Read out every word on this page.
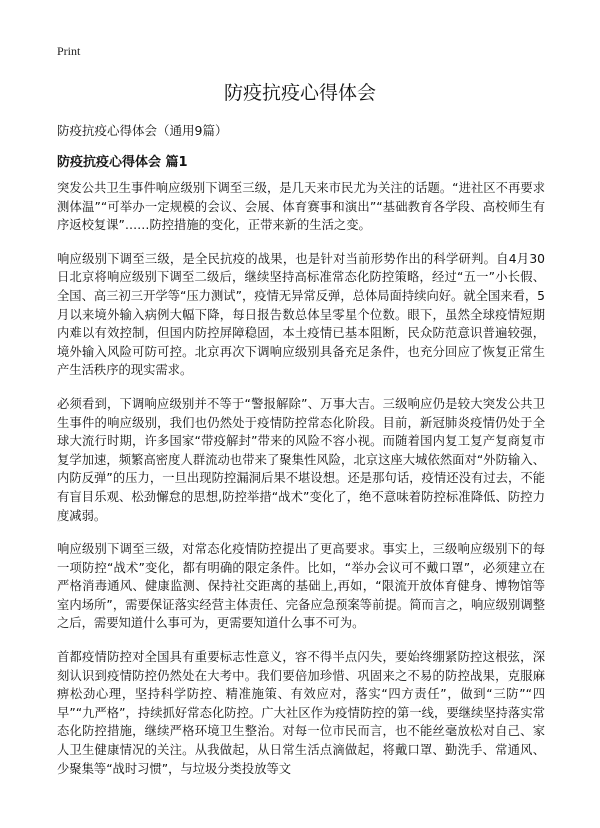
Print
防疫抗疫心得体会
防疫抗疫心得体会（通用9篇）
防疫抗疫心得体会 篇1

突发公共卫生事件响应级别下调至三级，是几天来市民尤为关注的话题。“进社区不再要求测体温”“可举办一定规模的会议、会展、体育赛事和演出”“基础教育各学段、高校师生有序返校复课”……防控措施的变化，正带来新的生活之变。

响应级别下调至三级，是全民抗疫的战果，也是针对当前形势作出的科学研判。自4月30日北京将响应级别下调至二级后，继续坚持高标准常态化防控策略，经过“五一”小长假、全国、高三初三开学等“压力测试”，疫情无异常反弹，总体局面持续向好。就全国来看，5月以来境外输入病例大幅下降，每日报告数总体呈零星个位数。眼下，虽然全球疫情短期内难以有效控制，但国内防控屏障稳固，本土疫情已基本阻断，民众防范意识普遍较强，境外输入风险可防可控。北京再次下调响应级别具备充足条件，也充分回应了恢复正常生产生活秩序的现实需求。

必须看到，下调响应级别并不等于“警报解除”、万事大吉。三级响应仍是较大突发公共卫生事件的响应级别，我们也仍然处于疫情防控常态化阶段。目前，新冠肺炎疫情仍处于全球大流行时期，许多国家“带疫解封”带来的风险不容小视。而随着国内复工复产复商复市复学加速，频繁高密度人群流动也带来了聚集性风险，北京这座大城依然面对“外防输入、内防反弹”的压力，一旦出现防控漏洞后果不堪设想。还是那句话，疫情还没有过去，不能有盲目乐观、松劲懈怠的思想,防控举措“战术”变化了，绝不意味着防控标准降低、防控力度减弱。

响应级别下调至三级，对常态化疫情防控提出了更高要求。事实上，三级响应级别下的每一项防控“战术”变化，都有明确的限定条件。比如，“举办会议可不戴口罩”，必须建立在严格消毒通风、健康监测、保持社交距离的基础上,再如，“限流开放体育健身、博物馆等室内场所”，需要保证落实经营主体责任、完备应急预案等前提。简而言之，响应级别调整之后，需要知道什么事可为，更需要知道什么事不可为。

首都疫情防控对全国具有重要标志性意义，容不得半点闪失，要始终绷紧防控这根弦，深刻认识到疫情防控仍然处在大考中。我们要倍加珍惜、巩固来之不易的防控战果，克服麻痹松劲心理，坚持科学防控、精准施策、有效应对，落实“四方责任”，做到“三防”“四早”“九严格”，持续抓好常态化防控。广大社区作为疫情防控的第一线，要继续坚持落实常态化防控措施，继续严格环境卫生整治。对每一位市民而言，也不能丝毫放松对自己、家人卫生健康情况的关注。从我做起，从日常生活点滴做起，将戴口罩、勤洗手、常通风、少聚集等“战时习惯”，与垃圾分类投放等文
